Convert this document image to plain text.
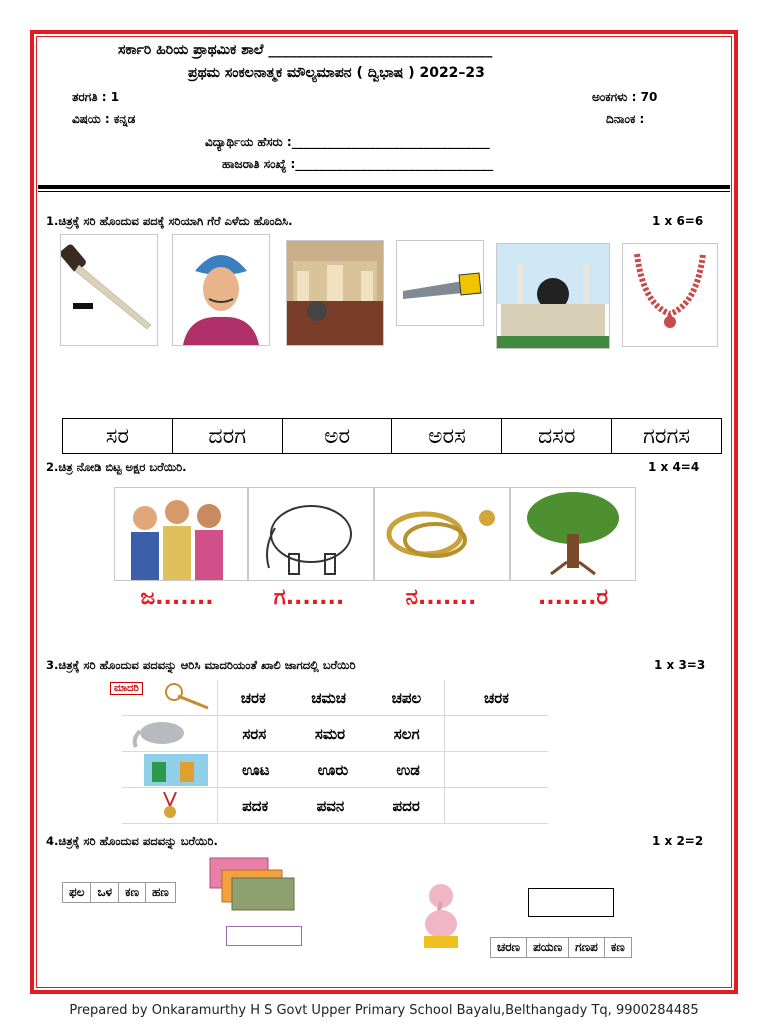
ಸರ್ಕಾರಿ ಹಿರಿಯ ಪ್ರಾಥಮಿಕ ಶಾಲೆ ________________________________
ಪ್ರಥಮ ಸಂಕಲನಾತ್ಮಕ ಮೌಲ್ಯಮಾಪನ ( ದ್ವಿಭಾಷ ) 2022–23
ತರಗತಿ : 1	ಅಂಕಗಳು : 70
ವಿಷಯ : ಕನ್ನಡ	ದಿನಾಂಕ :
ವಿದ್ಯಾರ್ಥಿಯ ಹೆಸರು :_________________________________
ಹಾಜರಾತಿ ಸಂಖ್ಯೆ :_________________________________
1.ಚಿತ್ರಕ್ಕೆ ಸರಿ ಹೊಂದುವ ಪದಕ್ಕೆ ಸರಿಯಾಗಿ ಗೆರೆ ಎಳೆದು ಹೊಂದಿಸಿ.	1 x 6=6
ಸರ	ದರಗ	ಅರ	ಅರಸ	ದಸರ	ಗರಗಸ
2.ಚಿತ್ರ ನೋಡಿ ಬಿಟ್ಟ ಅಕ್ಷರ ಬರೆಯಿರಿ.	1 x 4=4
ಜ.......	ಗ.......	ನ.......	.......ರ
3.ಚಿತ್ರಕ್ಕೆ ಸರಿ ಹೊಂದುವ ಪದವನ್ನು ಆರಿಸಿ ಮಾದರಿಯಂತೆ ಖಾಲಿ ಜಾಗದಲ್ಲಿ ಬರೆಯಿರಿ	1 x 3=3
ಮಾದರಿ	ಚರಕ	ಚಮಚ	ಚಪಲ	ಚರಕ
ಸರಸ	ಸಮರ	ಸಲಗ
ಊಟ	ಊರು	ಉಡ
ಪದಕ	ಪವನ	ಪದರ
4.ಚಿತ್ರಕ್ಕೆ ಸರಿ ಹೊಂದುವ ಪದವನ್ನು ಬರೆಯಿರಿ.	1 x 2=2
ಫಲ	ಒಳ	ಕಣ	ಹಣ
ಚರಣ	ಪಯಣ	ಗಣಪ	ಕಣ
Prepared by Onkaramurthy H S Govt Upper Primary School Bayalu,Belthangady Tq, 9900284485
